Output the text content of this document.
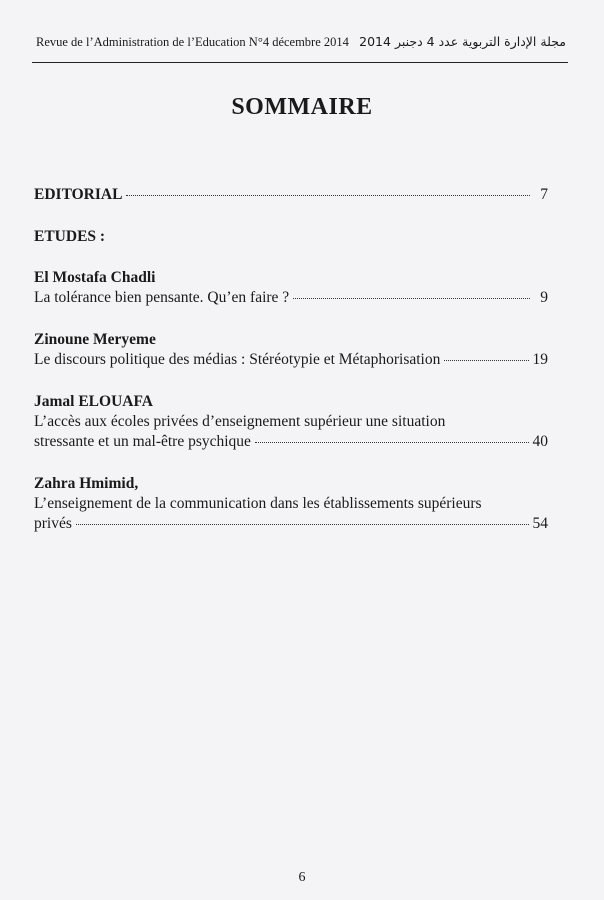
Revue de l’Administration de l’Education N°4 décembre 2014 مجلة الإدارة التربوية عدد 4 دجنبر 2014
SOMMAIRE
EDITORIAL	7
ETUDES :
El Mostafa Chadli
La tolérance bien pensante. Qu’en faire ?	9
Zinoune Meryeme
Le discours politique des médias : Stéréotypie et Métaphorisation	19
Jamal ELOUAFA
L’accès aux écoles privées d’enseignement supérieur une situation
stressante et un mal-être psychique	40
Zahra Hmimid,
L’enseignement de la communication dans les établissements supérieurs
privés	54
6
